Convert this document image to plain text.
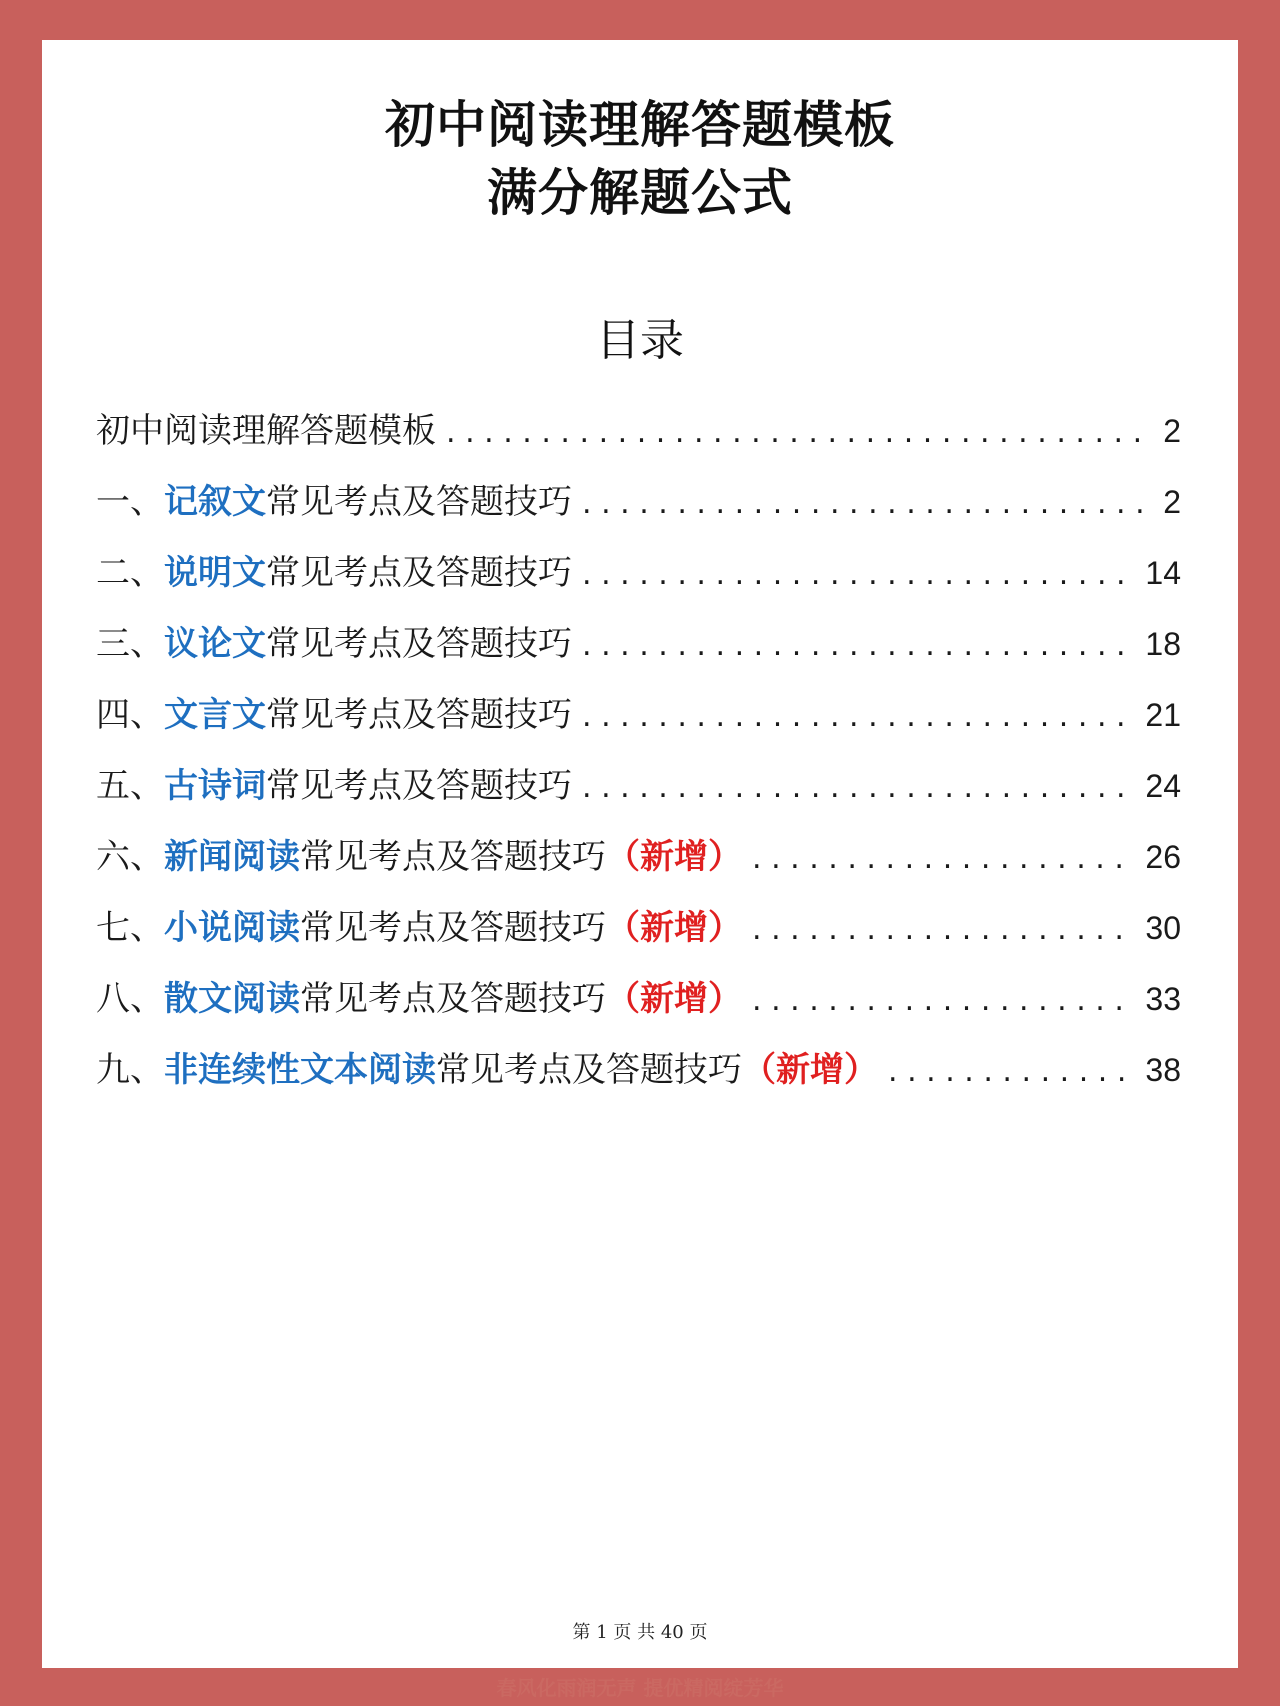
初中阅读理解答题模板
满分解题公式
目录
初中阅读理解答题模板 . . .	2
一、记叙文常见考点及答题技巧 . . .	2
二、说明文常见考点及答题技巧 . . .	14
三、议论文常见考点及答题技巧 . . .	18
四、文言文常见考点及答题技巧 . . .	21
五、古诗词常见考点及答题技巧 . . .	24
六、新闻阅读常见考点及答题技巧（新增） . . .	26
七、小说阅读常见考点及答题技巧（新增） . . .	30
八、散文阅读常见考点及答题技巧（新增） . . .	33
九、非连续性文本阅读常见考点及答题技巧（新增） . . .	38
第 1 页 共 40 页
春风化雨润无声 提优精阅绽芳华
